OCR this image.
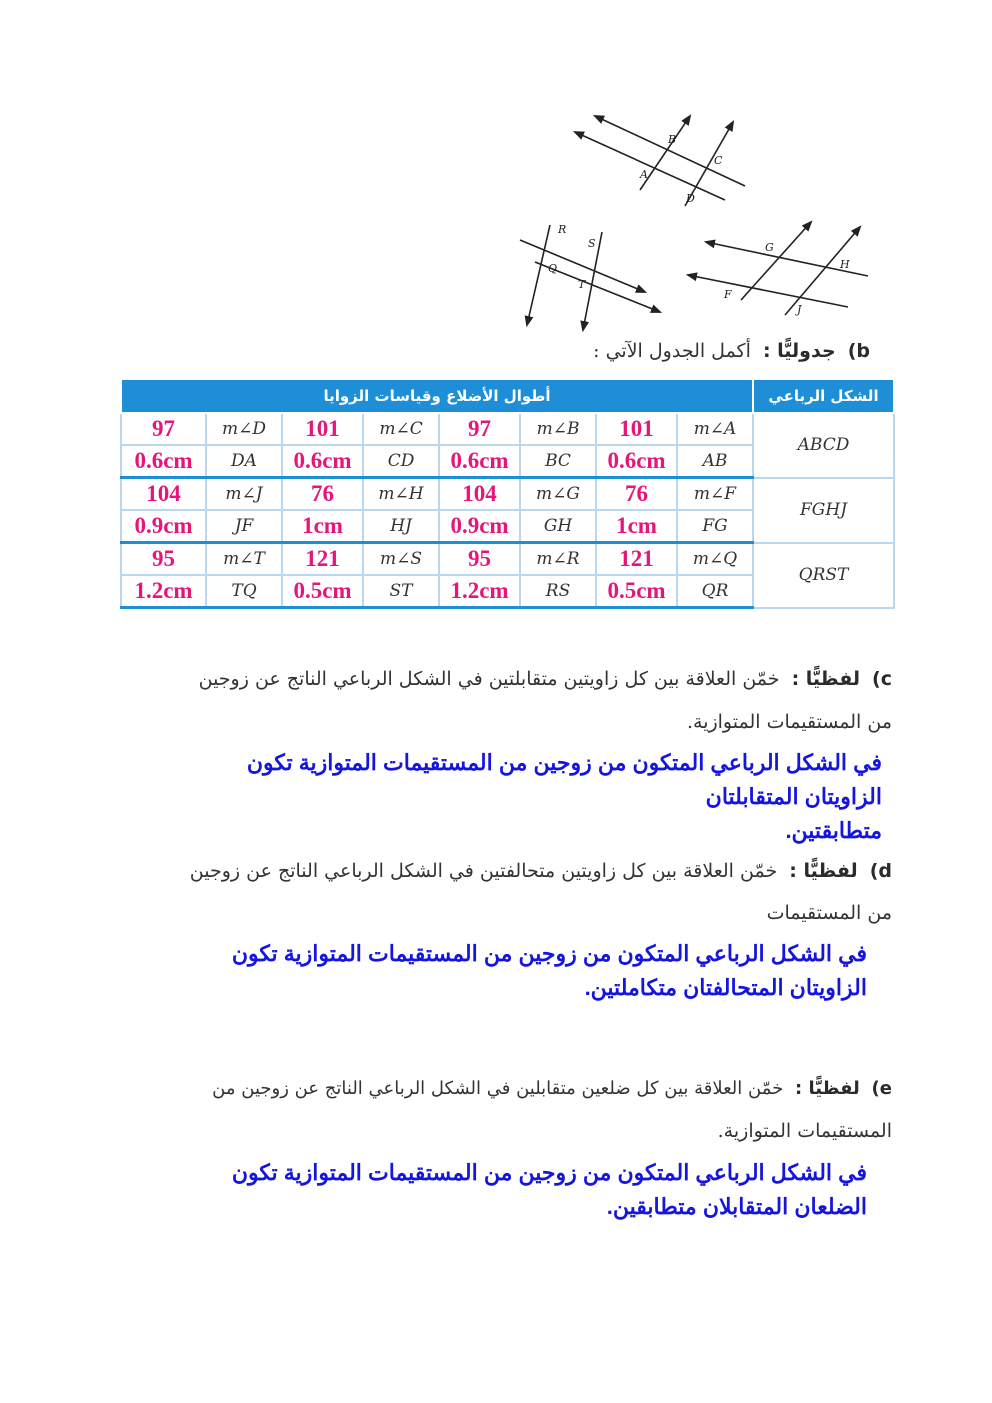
A
B
C
D
R
S
Q
T
G
H
F
J
b) جدوليًّا : أكمل الجدول الآتي :
الشكل الرباعي	أطوال الأضلاع وقياسات الزوايا							
ABCD	m∠A	101	m∠B	97	m∠C	101	m∠D	97
	AB	0.6cm	BC	0.6cm	CD	0.6cm	DA	0.6cm
FGHJ	m∠F	76	m∠G	104	m∠H	76	m∠J	104
	FG	1cm	GH	0.9cm	HJ	1cm	JF	0.9cm
QRST	m∠Q	121	m∠R	95	m∠S	121	m∠T	95
	QR	0.5cm	RS	1.2cm	ST	0.5cm	TQ	1.2cm
c) لفظيًّا : خمّن العلاقة بين كل زاويتين متقابلتين في الشكل الرباعي الناتج عن زوجين
من المستقيمات المتوازية.
في الشكل الرباعي المتكون من زوجين من المستقيمات المتوازية تكون
الزاويتان المتقابلتان
متطابقتين.
d) لفظيًّا : خمّن العلاقة بين كل زاويتين متحالفتين في الشكل الرباعي الناتج عن زوجين
من المستقيمات
في الشكل الرباعي المتكون من زوجين من المستقيمات المتوازية تكون
الزاويتان المتحالفتان متكاملتين.
e) لفظيًّا : خمّن العلاقة بين كل ضلعين متقابلين في الشكل الرباعي الناتج عن زوجين من
المستقيمات المتوازية.
في الشكل الرباعي المتكون من زوجين من المستقيمات المتوازية تكون
الضلعان المتقابلان متطابقين.
